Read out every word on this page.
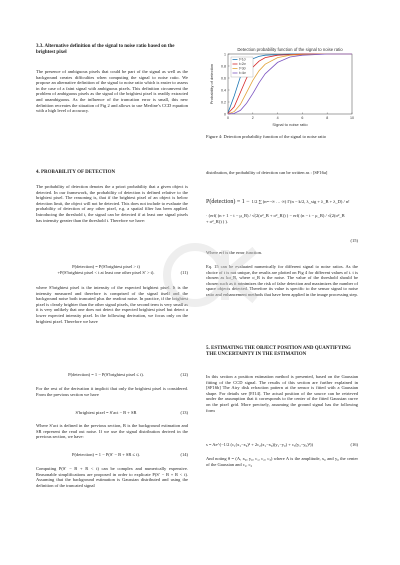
3.3. Alternative definition of the signal to noise ratio based on the brightest pixel

The presence of ambiguous pixels that could be part of the signal as well as the background creates difficulties when computing the signal to noise ratio. We propose an alternative definition of the signal to noise ratio which is easier to assess in the case of a faint signal with ambiguous pixels. This definition circumvent the problem of ambiguous pixels as the signal of the brightest pixel is readily extracted and unambiguous. As the influence of the truncation error is small, this new definition recreates the situation of Fig 2 and allows to use Merline’s CCD equation with a high level of accuracy.

4. PROBABILITY OF DETECTION

The probability of detection denotes the a priori probability that a given object is detected. In our framework, the probability of detection is defined relative to the brightest pixel. The reasoning is, that if the brightest pixel of an object is below detection limit, the object will not be detected. This does not include to evaluate the probability of detection of any other pixel, e.g. a spatial filter has been applied. Introducing the threshold t, the signal can be detected if at least one signal pixels has intensity greater than the threshold t. Therefore we have:

P(detection) = P(S′brightest pixel > t)
+P(S′brightest pixel < t at least one other pixel S′ > t).	(11)

where S′brightest pixel is the intensity of the expected brightest pixel. It is the intensity measured and therefore is comprised of the signal itself and the background noise both truncated plus the readout noise. In practice, if the brightest pixel is clearly brighter than the other signal pixels, the second term is very small as it is very unlikely that one does not detect the expected brightest pixel but detect a lower expected intensity pixel. In the following derivation, we focus only on the brightest pixel. Therefore we have

P(detection) = 1 − P(S′brightest pixel ≤ t).	(12)

For the rest of the derivation it implicit that only the brightest pixel is considered. From the previous section we have

S′brightest pixel = S′act − B + SR	(13)

Where S′act is defined in the previous section, B is the background estimation and SR represent the read out noise. If we use the signal distribution derived in the previous section, we have:

P(detection) = 1 − P(S′ − B + SR ≤ t).	(14)

Computing P(S′ − B + R < t) can be complex and numerically expensive. Reasonable simplifications are proposed in order to explicate P(S′ − B + R < t). Assuming that the background estimation is Gaussian distributed and using the definition of the truncated signal

Detection probability function of the signal to noise ratio
0	2	4	6	8	10
0
0.2
0.4
0.6
0.8
1
Signal to noise ratio
Probability of detection
t=1σ
t=2σ
t=3σ
t=4σ

Figure 4: Detection probability function of the signal to noise ratio

distribution, the probability of detection can be written as : [SF16a]

P(detection) = 1 − 1/2 ∑ (n=−∞ … ∞) Γ(n − k/2, λ_sig + λ_B + λ_D) / n!
· (erf( (n + 1 − t − μ_B) / √(2(σ²_B + σ²_R)) ) − erf( (n − t − μ_B) / √(2(σ²_B + σ²_R)) ) ).
(15)

Where erf is the error function.

Eq. 15 can be evaluated numerically for different signal to noise ratios. As the choice of t is not unique, the results are plotted on Fig 4 for different values of t. t is chosen as kσ_R, where σ_R is the noise. The value of the threshold should be chosen such as it minimizes the risk of false detection and maximizes the number of space objects detected. Therefore its value is specific to the sensor signal to noise ratio and enhancement methods that have been applied in the image processing step.

5. ESTIMATING THE OBJECT POSITION AND QUANTIFYING THE UNCERTAINTY IN THE ESTIMATION

In this section a position estimation method is presented, based on the Gaussian fitting of the CCD signal. The results of this section are further explained in [SF16b] The Airy disk refraction pattern at the sensor is fitted with a Gaussian shape. For details see [FJ14]. The actual position of the source can be retrieved under the assumption that it corresponds to the center of the fitted Gaussian curve on the pixel grid. More precisely, assuming the ground signal has the following form

s = Ae^(−1/2 (c₁(x₁−x₀)² + 2c₂(x₁−x₀)(y₁−y₀) + c₃(y₁−y₀)²))	(16)

And noting θ = (A, x₀, y₀, c₁, c₂, c₃) where A is the amplitude, x₀ and y₀ the center of the Gaussian and c₁, c₂
